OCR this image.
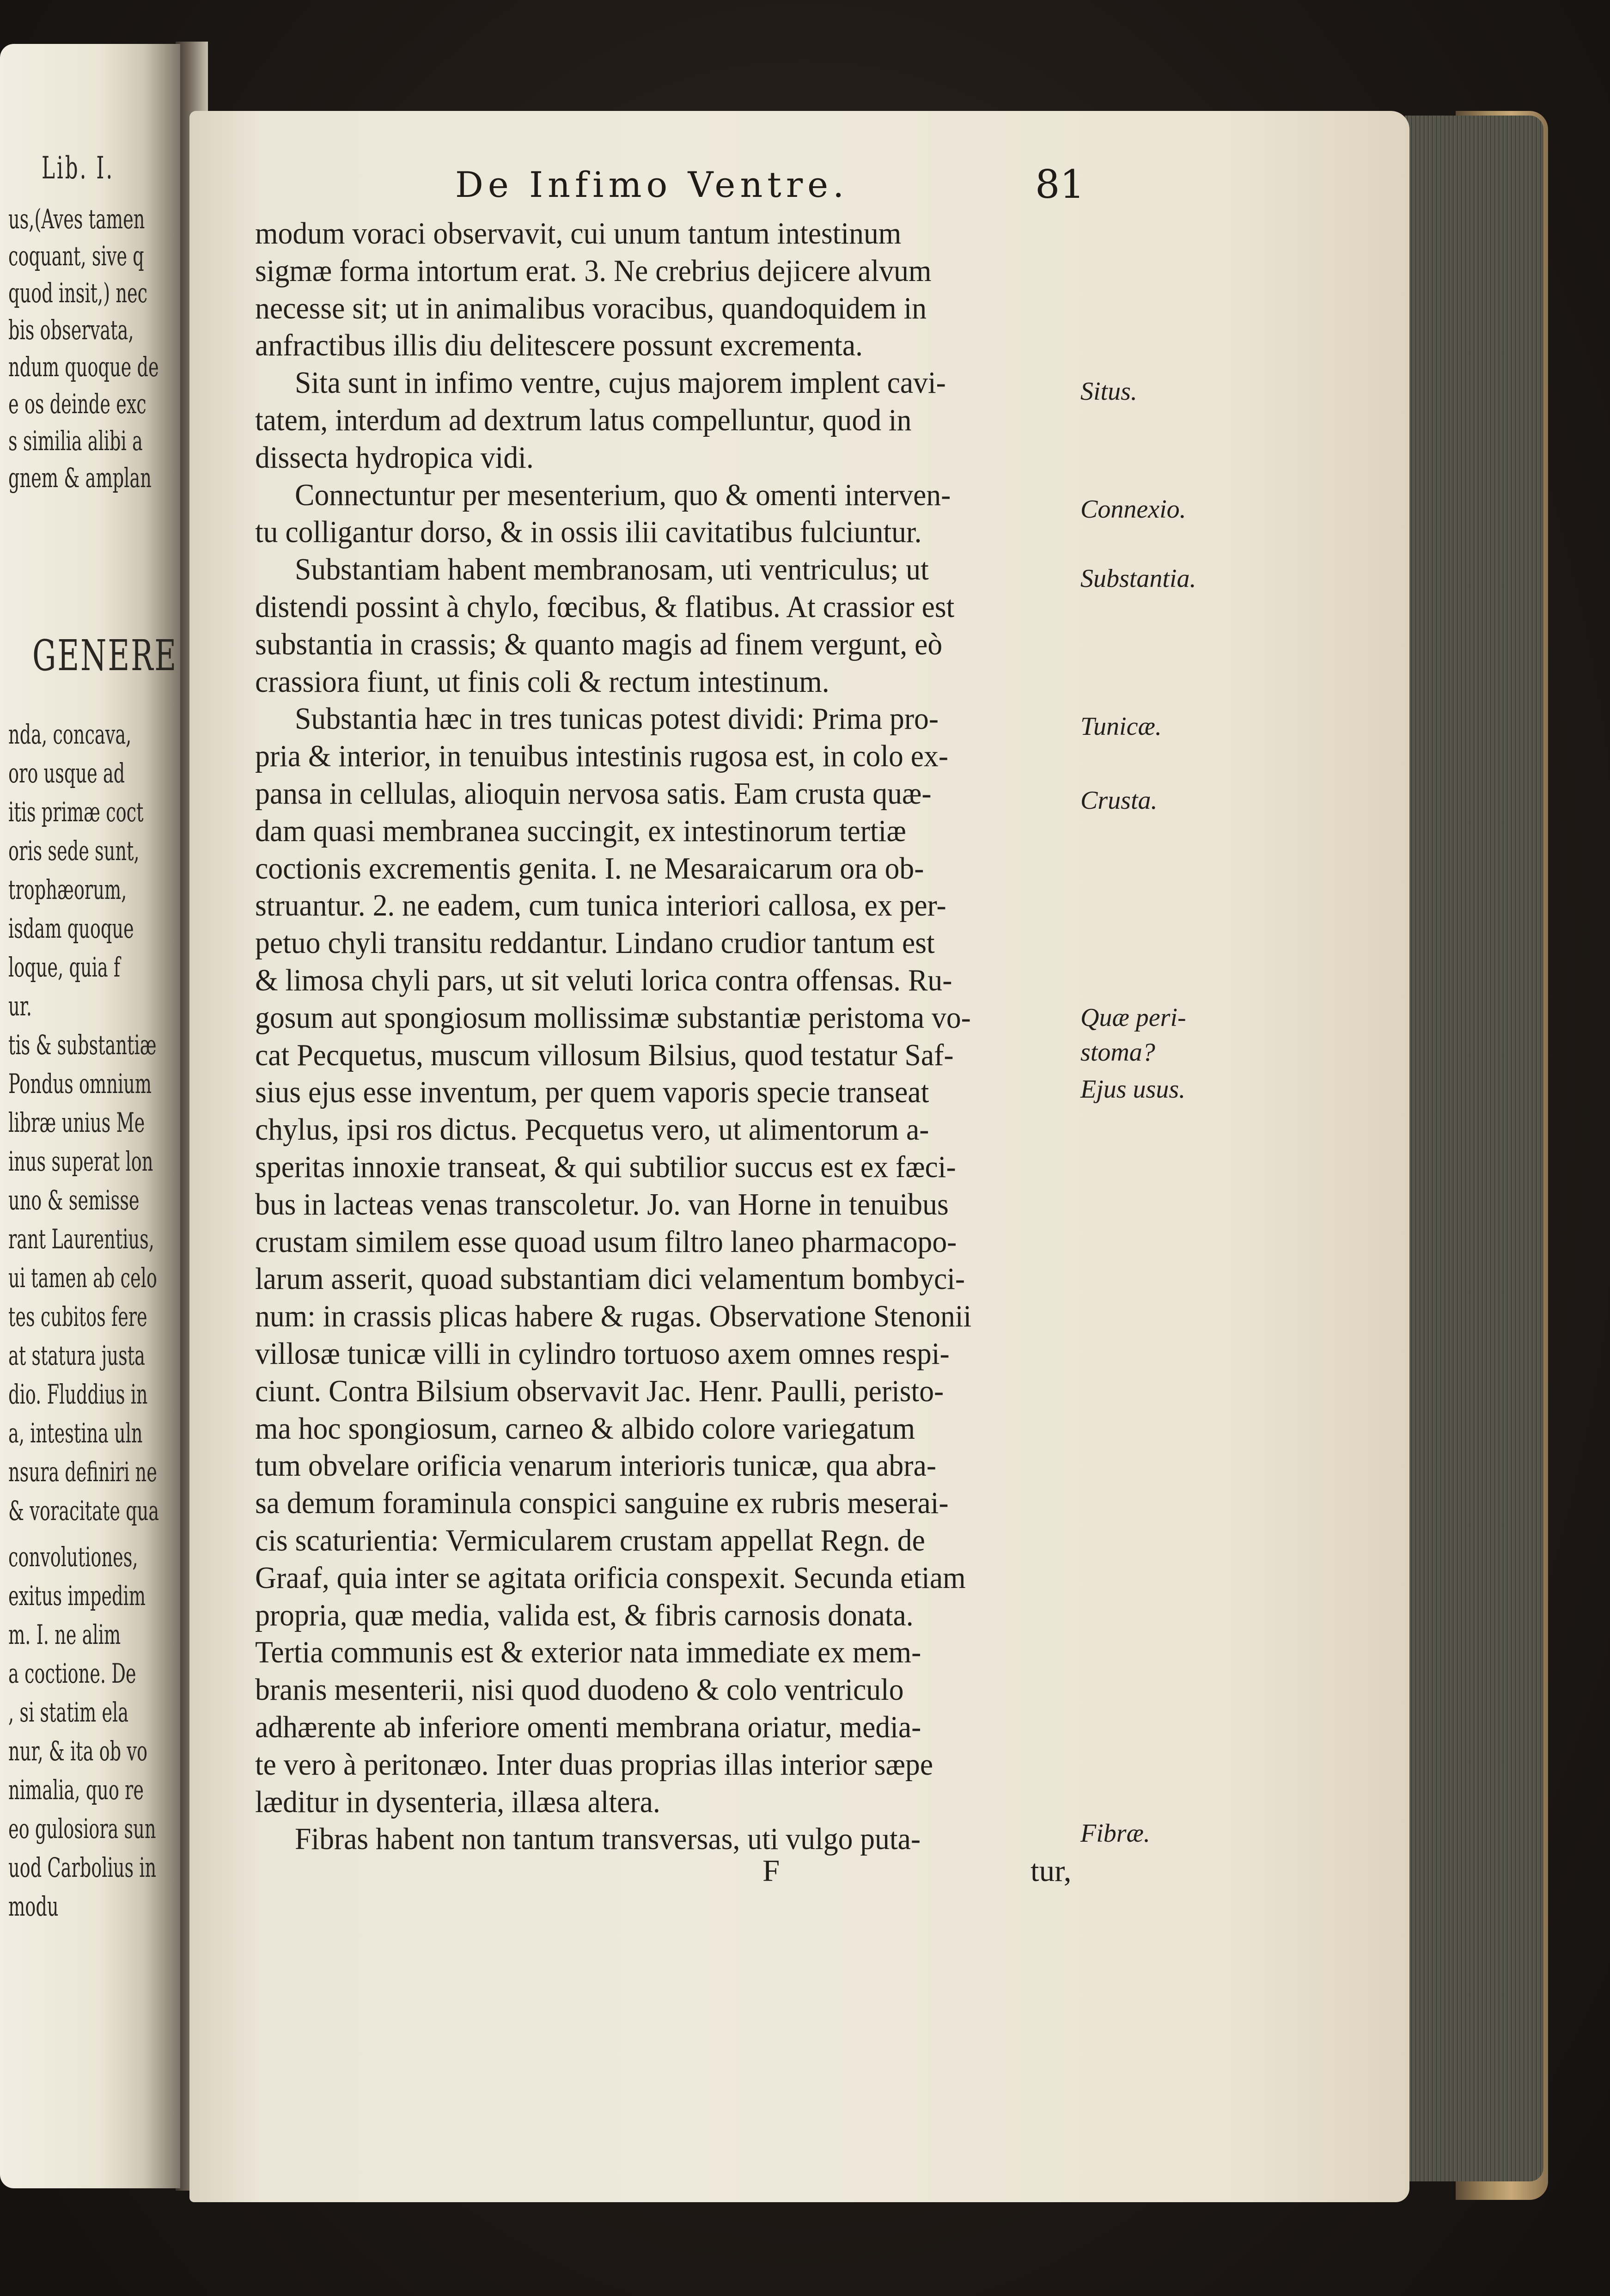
Lib. I.
GENERE
us,(Aves tamen
coquant, sive q
quod insit,) nec
bis observata,
ndum quoque de
e os deinde exc
s similia alibi a
gnem & amplan
nda, concava,
oro usque ad
itis primæ coct
oris sede sunt,
trophæorum,
isdam quoque
loque, quia f
ur.
tis & substantiæ
Pondus omnium
libræ unius Me
inus superat lon
uno & semisse
rant Laurentius,
ui tamen ab celo
tes cubitos fere
at statura justa
dio. Fluddius in
a, intestina uln
nsura definiri ne
& voracitate qua
convolutiones,
exitus impedim
m. I. ne alim
a coctione. De
, si statim ela
nur, & ita ob vo
nimalia, quo re
eo gulosiora sun
uod Carbolius in
modu
De Infimo Ventre.	81
modum voraci observavit, cui unum tantum intestinum
sigmæ forma intortum erat. 3. Ne crebrius dejicere alvum
necesse sit; ut in animalibus voracibus, quandoquidem in
anfractibus illis diu delitescere possunt excrementa.
Sita sunt in infimo ventre, cujus majorem implent cavi-
tatem, interdum ad dextrum latus compelluntur, quod in
dissecta hydropica vidi.
Connectuntur per mesenterium, quo & omenti interven-
tu colligantur dorso, & in ossis ilii cavitatibus fulciuntur.
Substantiam habent membranosam, uti ventriculus; ut
distendi possint à chylo, fœcibus, & flatibus. At crassior est
substantia in crassis; & quanto magis ad finem vergunt, eò
crassiora fiunt, ut finis coli & rectum intestinum.
Substantia hæc in tres tunicas potest dividi: Prima pro-
pria & interior, in tenuibus intestinis rugosa est, in colo ex-
pansa in cellulas, alioquin nervosa satis. Eam crusta quæ-
dam quasi membranea succingit, ex intestinorum tertiæ
coctionis excrementis genita. I. ne Mesaraicarum ora ob-
struantur. 2. ne eadem, cum tunica interiori callosa, ex per-
petuo chyli transitu reddantur. Lindano crudior tantum est
& limosa chyli pars, ut sit veluti lorica contra offensas. Ru-
gosum aut spongiosum mollissimæ substantiæ peristoma vo-
cat Pecquetus, muscum villosum Bilsius, quod testatur Saf-
sius ejus esse inventum, per quem vaporis specie transeat
chylus, ipsi ros dictus. Pecquetus vero, ut alimentorum a-
speritas innoxie transeat, & qui subtilior succus est ex fæci-
bus in lacteas venas transcoletur. Jo. van Horne in tenuibus
crustam similem esse quoad usum filtro laneo pharmacopo-
larum asserit, quoad substantiam dici velamentum bombyci-
num: in crassis plicas habere & rugas. Observatione Stenonii
villosæ tunicæ villi in cylindro tortuoso axem omnes respi-
ciunt. Contra Bilsium observavit Jac. Henr. Paulli, peristo-
ma hoc spongiosum, carneo & albido colore variegatum
tum obvelare orificia venarum interioris tunicæ, qua abra-
sa demum foraminula conspici sanguine ex rubris meserai-
cis scaturientia: Vermicularem crustam appellat Regn. de
Graaf, quia inter se agitata orificia conspexit. Secunda etiam
propria, quæ media, valida est, & fibris carnosis donata.
Tertia communis est & exterior nata immediate ex mem-
branis mesenterii, nisi quod duodeno & colo ventriculo
adhærente ab inferiore omenti membrana oriatur, media-
te vero à peritonæo. Inter duas proprias illas interior sæpe
læditur in dysenteria, illæsa altera.
Fibras habent non tantum transversas, uti vulgo puta-
Situs.
Connexio.
Substantia.
Tunicæ.
Crusta.
Quæ peri-
stoma?
Ejus usus.
Fibræ.
F	tur,
